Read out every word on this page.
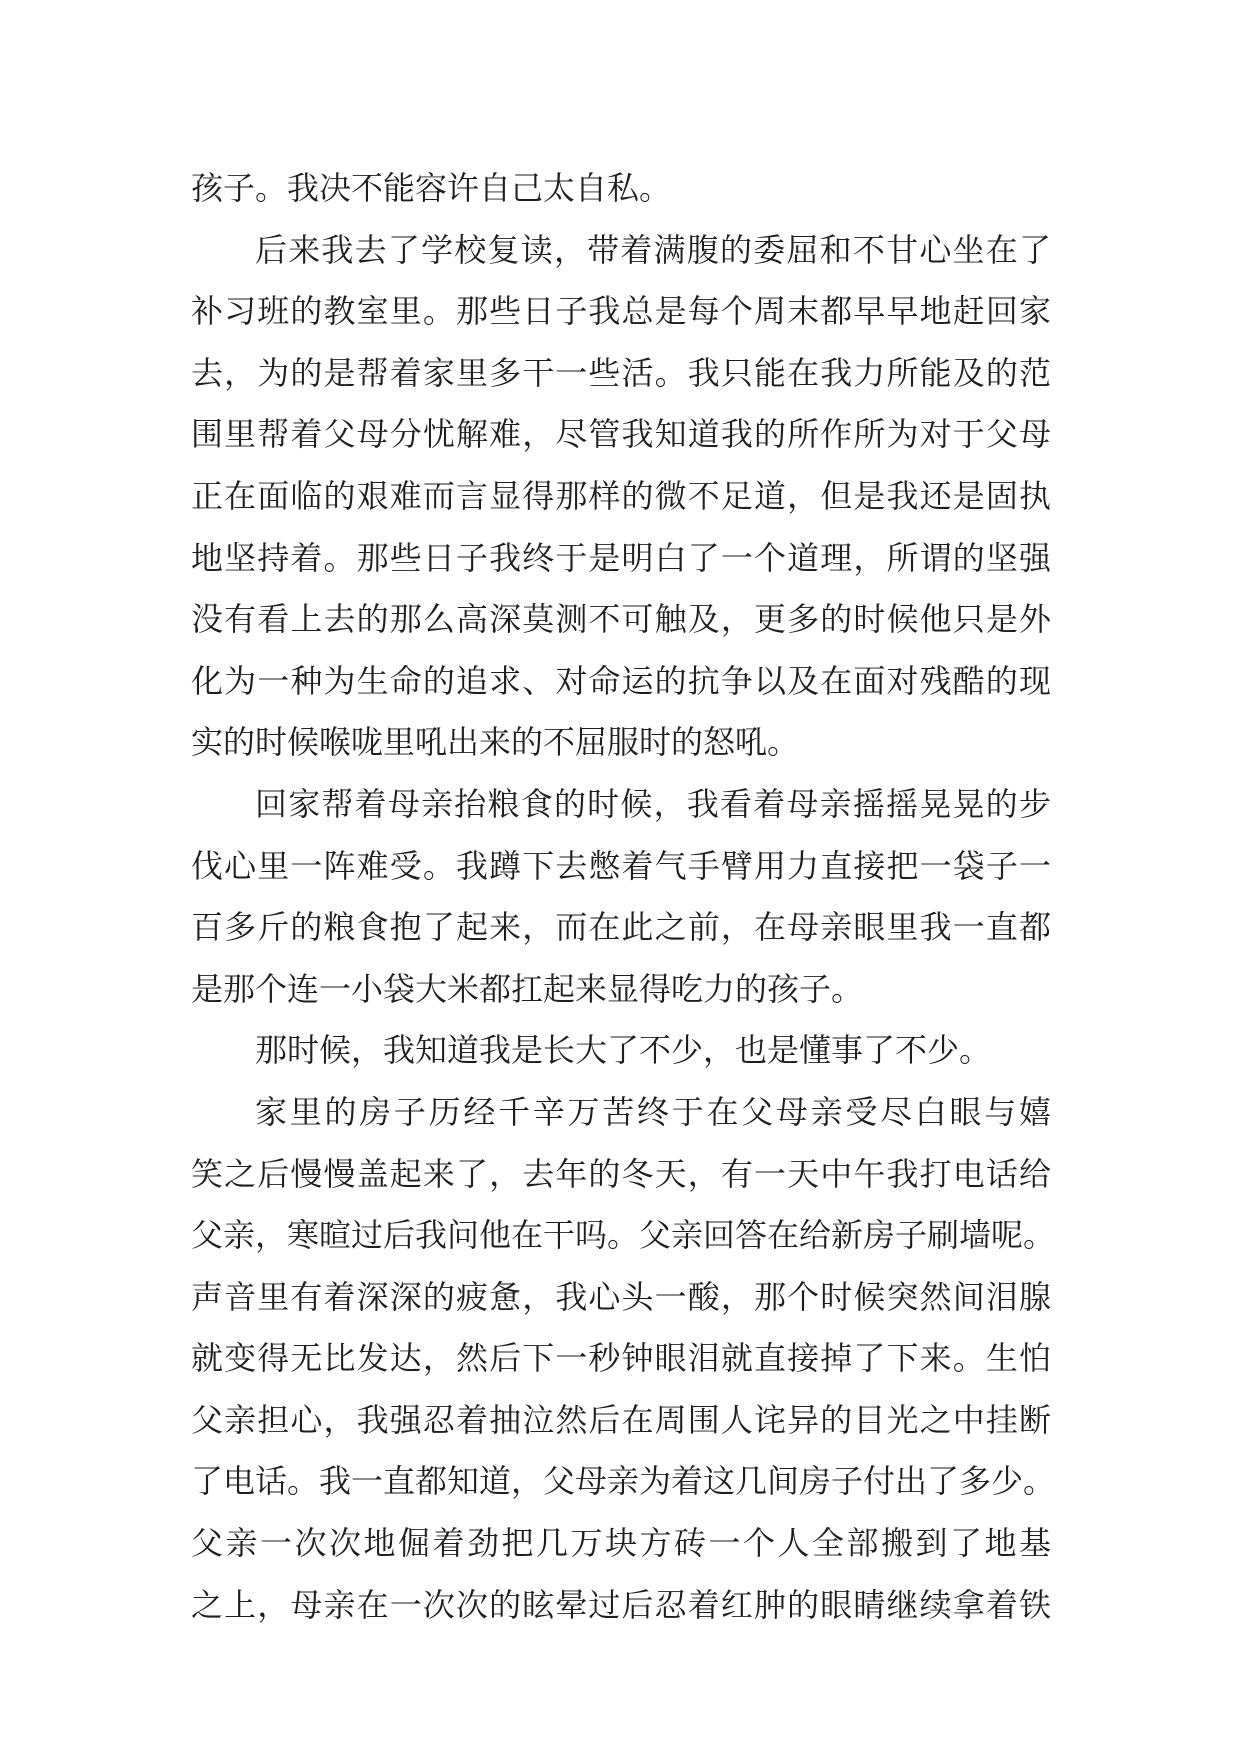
孩子。我决不能容许自己太自私。
后来我去了学校复读，带着满腹的委屈和不甘心坐在了
补习班的教室里。那些日子我总是每个周末都早早地赶回家
去，为的是帮着家里多干一些活。我只能在我力所能及的范
围里帮着父母分忧解难，尽管我知道我的所作所为对于父母
正在面临的艰难而言显得那样的微不足道，但是我还是固执
地坚持着。那些日子我终于是明白了一个道理，所谓的坚强
没有看上去的那么高深莫测不可触及，更多的时候他只是外
化为一种为生命的追求、对命运的抗争以及在面对残酷的现
实的时候喉咙里吼出来的不屈服时的怒吼。
回家帮着母亲抬粮食的时候，我看着母亲摇摇晃晃的步
伐心里一阵难受。我蹲下去憋着气手臂用力直接把一袋子一
百多斤的粮食抱了起来，而在此之前，在母亲眼里我一直都
是那个连一小袋大米都扛起来显得吃力的孩子。
那时候，我知道我是长大了不少，也是懂事了不少。
家里的房子历经千辛万苦终于在父母亲受尽白眼与嬉
笑之后慢慢盖起来了，去年的冬天，有一天中午我打电话给
父亲，寒暄过后我问他在干吗。父亲回答在给新房子刷墙呢。
声音里有着深深的疲惫，我心头一酸，那个时候突然间泪腺
就变得无比发达，然后下一秒钟眼泪就直接掉了下来。生怕
父亲担心，我强忍着抽泣然后在周围人诧异的目光之中挂断
了电话。我一直都知道，父母亲为着这几间房子付出了多少。
父亲一次次地倔着劲把几万块方砖一个人全部搬到了地基
之上，母亲在一次次的眩晕过后忍着红肿的眼睛继续拿着铁
